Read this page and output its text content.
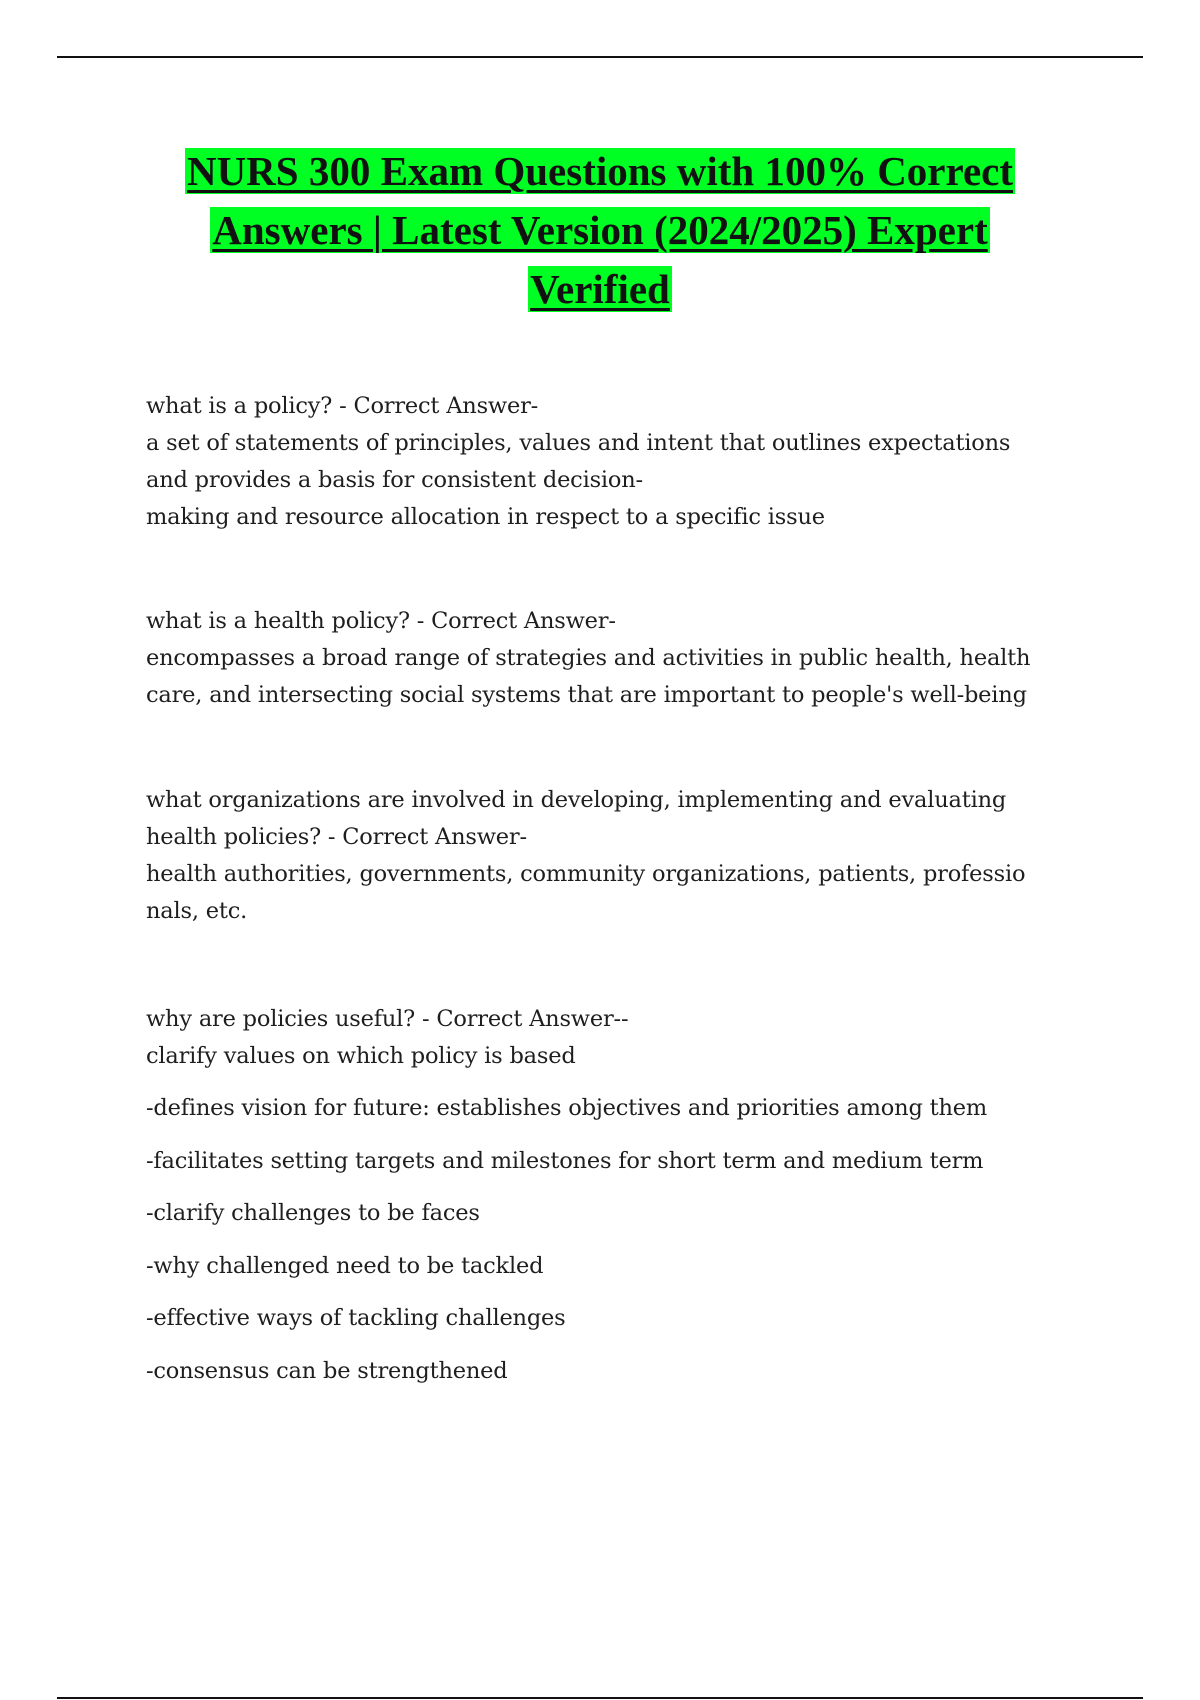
NURS 300 Exam Questions with 100% Correct
Answers | Latest Version (2024/2025) Expert
Verified

what is a policy? - Correct Answer-

a set of statements of principles, values and intent that outlines expectations

and provides a basis for consistent decision-

making and resource allocation in respect to a specific issue

what is a health policy? - Correct Answer-

encompasses a broad range of strategies and activities in public health, health

care, and intersecting social systems that are important to people's well-being

what organizations are involved in developing, implementing and evaluating

health policies? - Correct Answer-

health authorities, governments, community organizations, patients, professio

nals, etc.

why are policies useful? - Correct Answer--

clarify values on which policy is based

-defines vision for future: establishes objectives and priorities among them

-facilitates setting targets and milestones for short term and medium term

-clarify challenges to be faces

-why challenged need to be tackled

-effective ways of tackling challenges

-consensus can be strengthened
